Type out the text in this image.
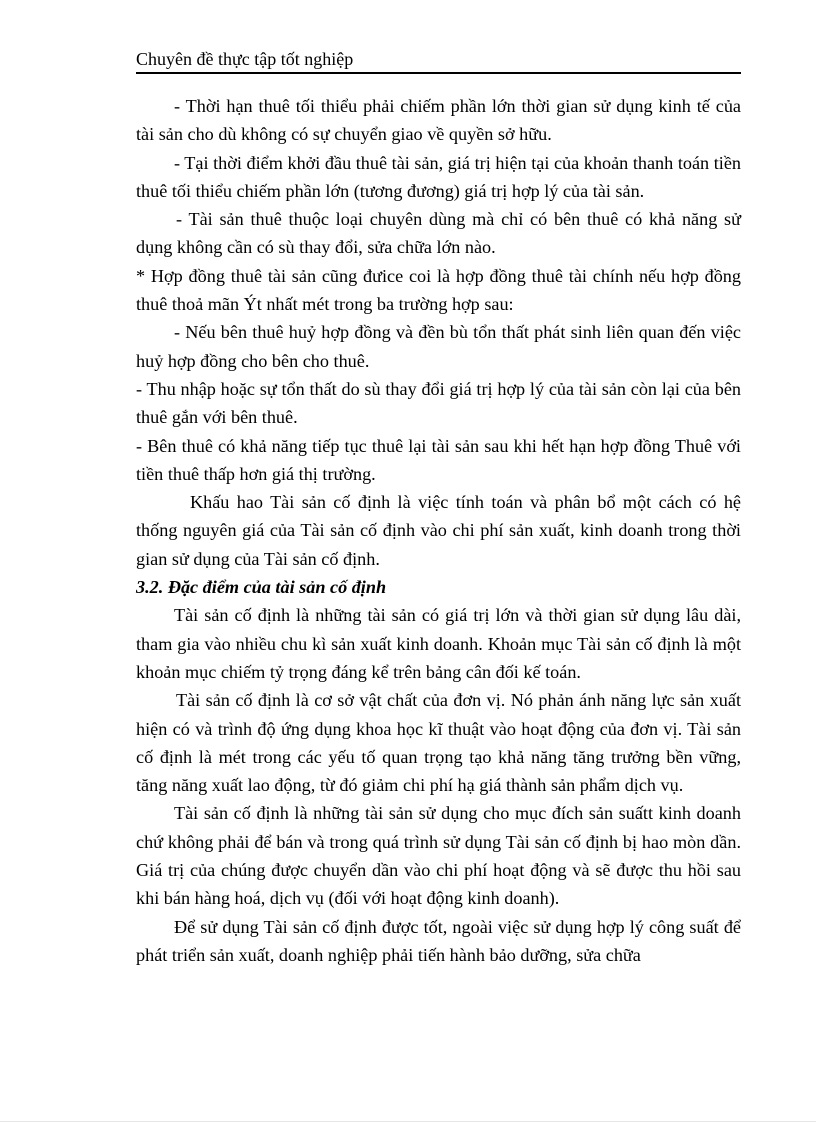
Chuyên đề thực tập tốt nghiệp

- Thời hạn thuê tối thiểu phải chiếm phần lớn thời gian sử dụng kinh tế của tài sản cho dù không có sự chuyển giao về quyền sở hữu.

- Tại thời điểm khởi đầu thuê tài sản, giá trị hiện tại của khoản thanh toán tiền thuê tối thiểu chiếm phần lớn (tương đương) giá trị hợp lý của tài sản.

- Tài sản thuê thuộc loại chuyên dùng mà chỉ có bên thuê có khả năng sử dụng không cần có sù thay đổi, sửa chữa lớn nào.

* Hợp đồng thuê tài sản cũng đưice coi là hợp đồng thuê tài chính nếu hợp đồng thuê thoả mãn Ýt nhất mét trong ba trường hợp sau:

- Nếu bên thuê huỷ hợp đồng và đền bù tổn thất phát sinh liên quan đến việc huỷ hợp đồng cho bên cho thuê.

- Thu nhập hoặc sự tổn thất do sù thay đổi giá trị hợp lý của tài sản còn lại của bên thuê gắn với bên thuê.

- Bên thuê có khả năng tiếp tục thuê lại tài sản sau khi hết hạn hợp đồng Thuê với tiền thuê thấp hơn giá thị trường.

Khấu hao Tài sản cố định là việc tính toán và phân bổ một cách có hệ thống nguyên giá của Tài sản cố định vào chi phí sản xuất, kinh doanh trong thời gian sử dụng của Tài sản cố định.

3.2. Đặc điểm của tài sản cố định

Tài sản cố định là những tài sản có giá trị lớn và thời gian sử dụng lâu dài, tham gia vào nhiều chu kì sản xuất kinh doanh. Khoản mục Tài sản cố định là một khoản mục chiếm tỷ trọng đáng kể trên bảng cân đối kế toán.

Tài sản cố định là cơ sở vật chất của đơn vị. Nó phản ánh năng lực sản xuất hiện có và trình độ ứng dụng khoa học kĩ thuật vào hoạt động của đơn vị. Tài sản cố định là mét trong các yếu tố quan trọng tạo khả năng tăng trưởng bền vững, tăng năng xuất lao động, từ đó giảm chi phí hạ giá thành sản phẩm dịch vụ.

Tài sản cố định là những tài sản sử dụng cho mục đích sản suấtt kinh doanh chứ không phải để bán và trong quá trình sử dụng Tài sản cố định bị hao mòn dần. Giá trị của chúng được chuyển dần vào chi phí hoạt động và sẽ được thu hồi sau khi bán hàng hoá, dịch vụ (đối với hoạt động kinh doanh).

Để sử dụng Tài sản cố định được tốt, ngoài việc sử dụng hợp lý công suất để phát triển sản xuất, doanh nghiệp phải tiến hành bảo dưỡng, sửa chữa
